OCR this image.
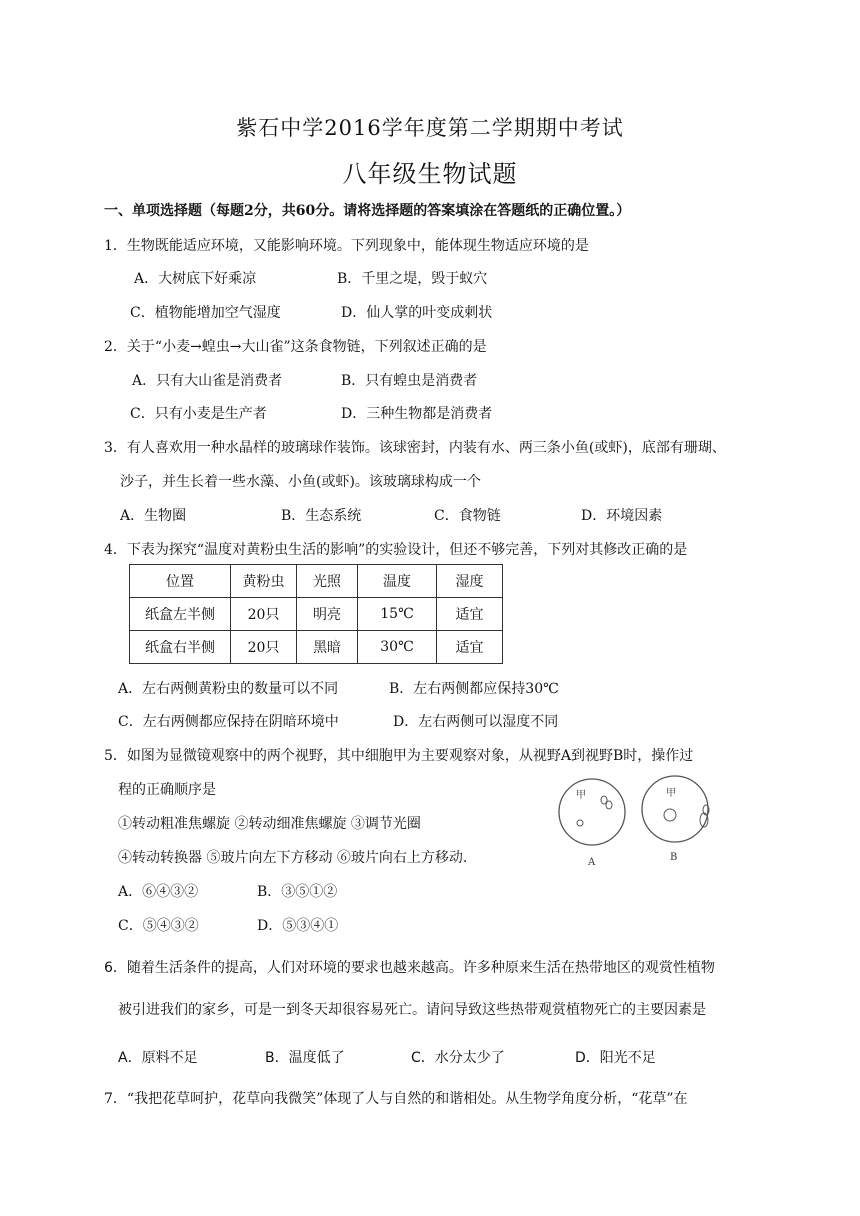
紫石中学2016学年度第二学期期中考试
八年级生物试题
一、单项选择题（每题2分，共60分。请将选择题的答案填涂在答题纸的正确位置。）
1．生物既能适应环境，又能影响环境。下列现象中，能体现生物适应环境的是
A．大树底下好乘凉	B．千里之堤，毁于蚁穴
C．植物能增加空气湿度	D．仙人掌的叶变成刺状
2．关于“小麦→蝗虫→大山雀”这条食物链，下列叙述正确的是
A．只有大山雀是消费者	B．只有蝗虫是消费者
C．只有小麦是生产者	D．三种生物都是消费者
3．有人喜欢用一种水晶样的玻璃球作装饰。该球密封，内装有水、两三条小鱼(或虾)，底部有珊瑚、
沙子，并生长着一些水藻、小鱼(或虾)。该玻璃球构成一个
A．生物圈	B．生态系统	C．食物链	D．环境因素
4．下表为探究“温度对黄粉虫生活的影响”的实验设计，但还不够完善，下列对其修改正确的是
位置	黄粉虫	光照	温度	湿度
纸盒左半侧	20只	明亮	15℃	适宜
纸盒右半侧	20只	黑暗	30℃	适宜
A．左右两侧黄粉虫的数量可以不同	B．左右两侧都应保持30℃
C．左右两侧都应保持在阴暗环境中	D．左右两侧可以湿度不同
5．如图为显微镜观察中的两个视野，其中细胞甲为主要观察对象，从视野A到视野B时，操作过
程的正确顺序是
①转动粗准焦螺旋 ②转动细准焦螺旋 ③调节光圈
④转动转换器 ⑤玻片向左下方移动 ⑥玻片向右上方移动.
A．⑥④③②	B．③⑤①②
C．⑤④③②	D．⑤③④①
甲
A
甲
B
6．随着生活条件的提高，人们对环境的要求也越来越高。许多种原来生活在热带地区的观赏性植物
被引进我们的家乡，可是一到冬天却很容易死亡。请问导致这些热带观赏植物死亡的主要因素是
A．原料不足	B．温度低了	C．水分太少了	D．阳光不足
7．“我把花草呵护，花草向我微笑”体现了人与自然的和谐相处。从生物学角度分析，“花草”在
